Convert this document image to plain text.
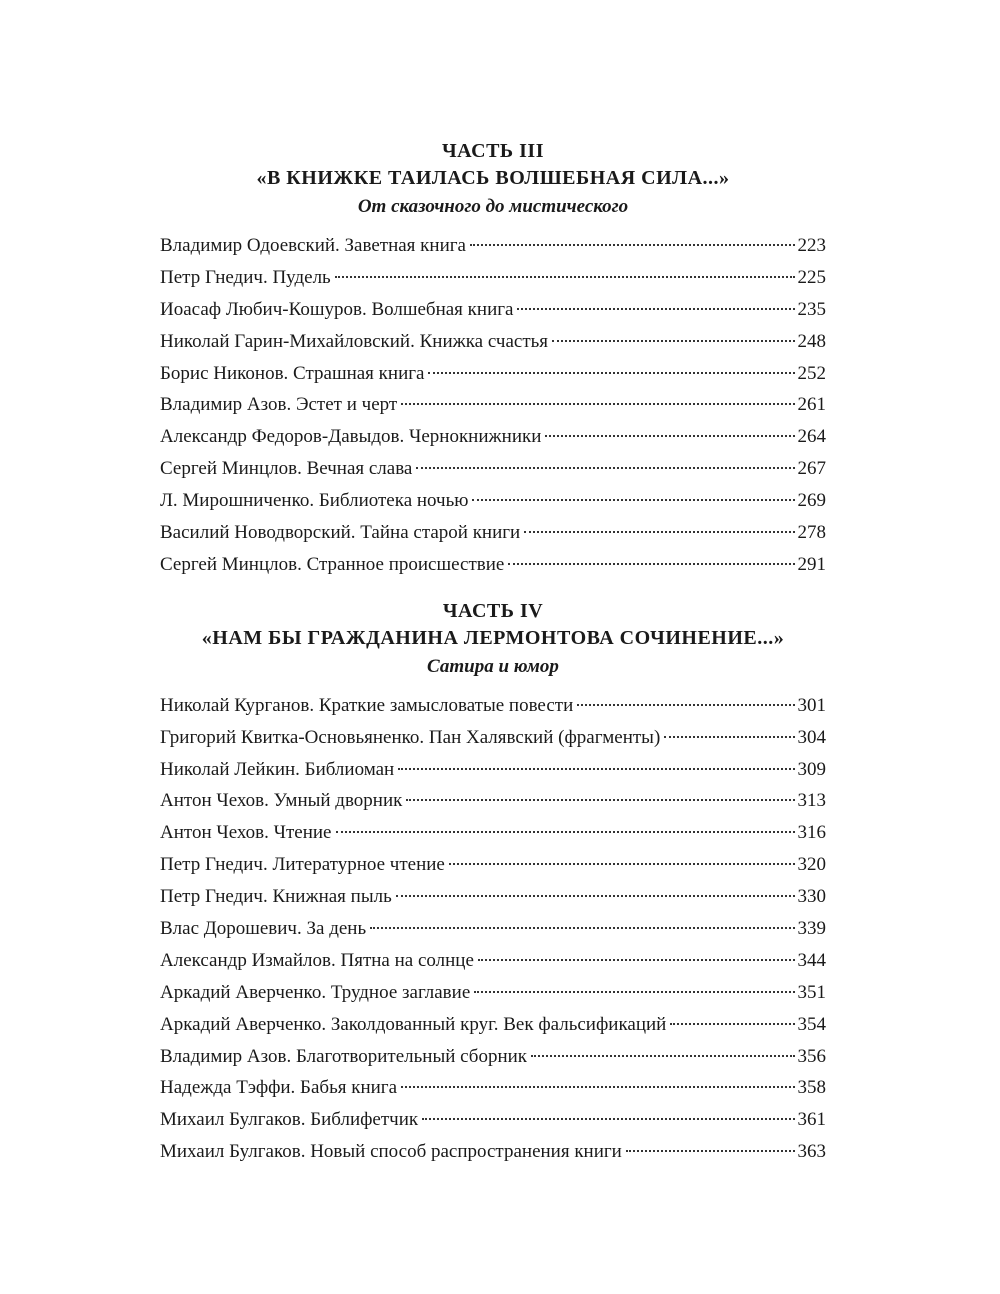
ЧАСТЬ III
«В КНИЖКЕ ТАИЛАСЬ ВОЛШЕБНАЯ СИЛА...»
От сказочного до мистического
Владимир Одоевский. Заветная книга	223
Петр Гнедич. Пудель	225
Иоасаф Любич-Кошуров. Волшебная книга	235
Николай Гарин-Михайловский. Книжка счастья	248
Борис Никонов. Страшная книга	252
Владимир Азов. Эстет и черт	261
Александр Федоров-Давыдов. Чернокнижники	264
Сергей Минцлов. Вечная слава	267
Л. Мирошниченко. Библиотека ночью	269
Василий Новодворский. Тайна старой книги	278
Сергей Минцлов. Странное происшествие	291
ЧАСТЬ IV
«НАМ БЫ ГРАЖДАНИНА ЛЕРМОНТОВА СОЧИНЕНИЕ...»
Сатира и юмор
Николай Курганов. Краткие замысловатые повести	301
Григорий Квитка-Основьяненко. Пан Халявский (фрагменты)	304
Николай Лейкин. Библиоман	309
Антон Чехов. Умный дворник	313
Антон Чехов. Чтение	316
Петр Гнедич. Литературное чтение	320
Петр Гнедич. Книжная пыль	330
Влас Дорошевич. За день	339
Александр Измайлов. Пятна на солнце	344
Аркадий Аверченко. Трудное заглавие	351
Аркадий Аверченко. Заколдованный круг. Век фальсификаций	354
Владимир Азов. Благотворительный сборник	356
Надежда Тэффи. Бабья книга	358
Михаил Булгаков. Библифетчик	361
Михаил Булгаков. Новый способ распространения книги	363
